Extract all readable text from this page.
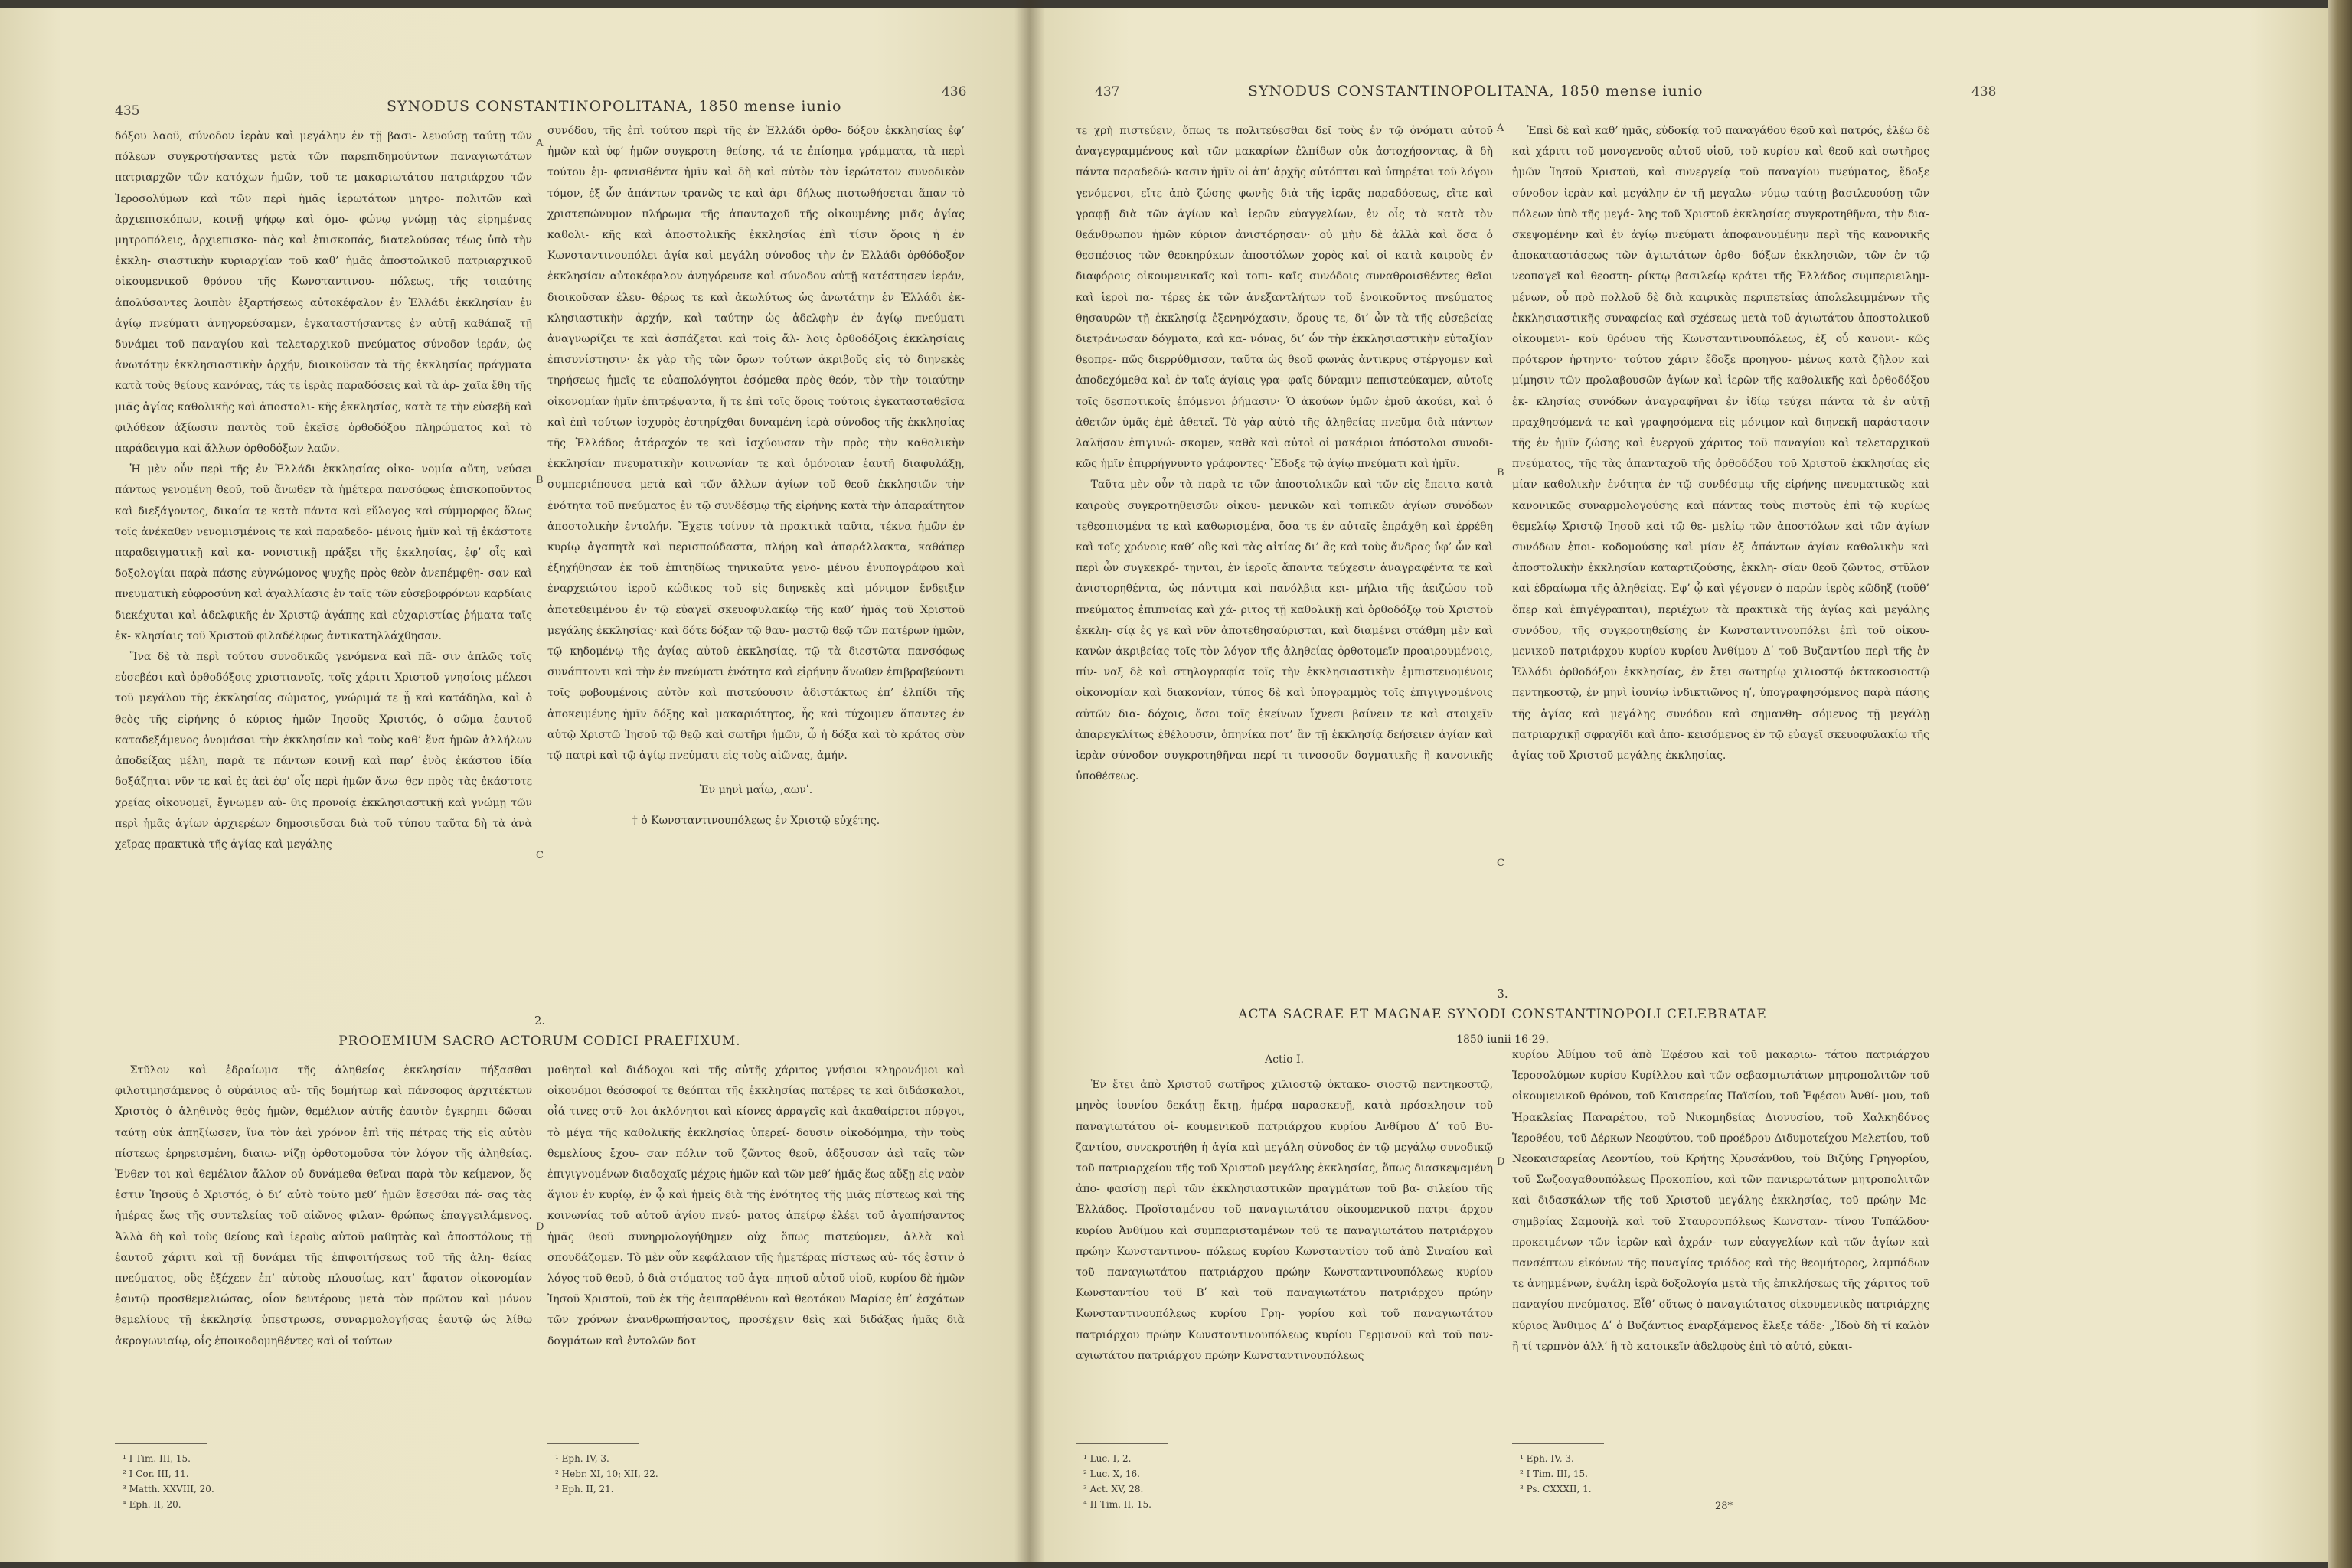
435
436
SYNODUS CONSTANTINOPOLITANA, 1850 mense iunio

δόξου λαοῦ, σύνοδον ἱερὰν καὶ μεγάλην ἐν τῇ βασι- λευούσῃ ταύτῃ τῶν πόλεων συγκροτήσαντες μετὰ τῶν παρεπιδημούντων παναγιωτάτων πατριαρχῶν τῶν κατόχων ἡμῶν, τοῦ τε μακαριωτάτου πατριάρχου τῶν Ἱεροσολύμων καὶ τῶν περὶ ἡμᾶς ἱερωτάτων μητρο- πολιτῶν καὶ ἀρχιεπισκόπων, κοινῇ ψήφῳ καὶ ὁμο- φώνῳ γνώμῃ τὰς εἰρημένας μητροπόλεις, ἀρχιεπισκο- πὰς καὶ ἐπισκοπάς, διατελούσας τέως ὑπὸ τὴν ἐκκλη- σιαστικὴν κυριαρχίαν τοῦ καθ’ ἡμᾶς ἀποστολικοῦ πατριαρχικοῦ οἰκουμενικοῦ θρόνου τῆς Κωνσταντινου- πόλεως, τῆς τοιαύτης ἀπολύσαντες λοιπὸν ἐξαρτήσεως αὐτοκέφαλον ἐν Ἑλλάδι ἐκκλησίαν ἐν ἁγίῳ πνεύματι ἀνηγορεύσαμεν, ἐγκαταστήσαντες ἐν αὐτῇ καθάπαξ τῇ δυνάμει τοῦ παναγίου καὶ τελεταρχικοῦ πνεύματος σύνοδον ἱεράν, ὡς ἀνωτάτην ἐκκλησιαστικὴν ἀρχήν, διοικοῦσαν τὰ τῆς ἐκκλησίας πράγματα κατὰ τοὺς θείους κανόνας, τάς τε ἱερὰς παραδόσεις καὶ τὰ ἀρ- χαῖα ἔθη τῆς μιᾶς ἁγίας καθολικῆς καὶ ἀποστολι- κῆς ἐκκλησίας, κατὰ τε τὴν εὐσεβῆ καὶ φιλόθεον ἀξίωσιν παντὸς τοῦ ἐκεῖσε ὀρθοδόξου πληρώματος καὶ τὸ παράδειγμα καὶ ἄλλων ὀρθοδόξων λαῶν.

Ἡ μὲν οὖν περὶ τῆς ἐν Ἑλλάδι ἐκκλησίας οἰκο- νομία αὕτη, νεύσει πάντως γενομένη θεοῦ, τοῦ ἄνωθεν τὰ ἡμέτερα πανσόφως ἐπισκοποῦντος καὶ διεξάγοντος, δικαία τε κατὰ πάντα καὶ εὔλογος καὶ σύμμορφος ὅλως τοῖς ἀνέκαθεν νενομισμένοις τε καὶ παραδεδο- μένοις ἡμῖν καὶ τῇ ἑκάστοτε παραδειγματικῇ καὶ κα- νονιστικῇ πράξει τῆς ἐκκλησίας, ἐφ’ οἷς καὶ δοξολογίαι παρὰ πάσης εὐγνώμονος ψυχῆς πρὸς θεὸν ἀνεπέμφθη- σαν καὶ πνευματικὴ εὐφροσύνη καὶ ἀγαλλίασις ἐν ταῖς τῶν εὐσεβοφρόνων καρδίαις διεκέχυται καὶ ἀδελφικῆς ἐν Χριστῷ ἀγάπης καὶ εὐχαριστίας ῥήματα ταῖς ἐκ- κλησίαις τοῦ Χριστοῦ φιλαδέλφως ἀντικατηλλάχθησαν.

Ἵνα δὲ τὰ περὶ τούτου συνοδικῶς γενόμενα καὶ πᾶ- σιν ἁπλῶς τοῖς εὐσεβέσι καὶ ὀρθοδόξοις χριστιανοῖς, τοῖς χάριτι Χριστοῦ γνησίοις μέλεσι τοῦ μεγάλου τῆς ἐκκλησίας σώματος, γνώριμά τε ᾖ καὶ κατάδηλα, καὶ ὁ θεὸς τῆς εἰρήνης ὁ κύριος ἡμῶν Ἰησοῦς Χριστός, ὁ σῶμα ἑαυτοῦ καταδεξάμενος ὀνομάσαι τὴν ἐκκλησίαν καὶ τοὺς καθ’ ἕνα ἡμῶν ἀλλήλων ἀποδείξας μέλη, παρὰ τε πάντων κοινῇ καὶ παρ’ ἑνὸς ἑκάστου ἰδίᾳ δοξάζηται νῦν τε καὶ ἐς ἀεὶ ἐφ’ οἷς περὶ ἡμῶν ἄνω- θεν πρὸς τὰς ἑκάστοτε χρείας οἰκονομεῖ, ἔγνωμεν αὐ- θις προνοίᾳ ἐκκλησιαστικῇ καὶ γνώμῃ τῶν περὶ ἡμᾶς ἁγίων ἀρχιερέων δημοσιεῦσαι διὰ τοῦ τύπου ταῦτα δὴ τὰ ἀνὰ χεῖρας πρακτικὰ τῆς ἁγίας καὶ μεγάλης

A
B
C
D

συνόδου, τῆς ἐπὶ τούτου περὶ τῆς ἐν Ἑλλάδι ὀρθο- δόξου ἐκκλησίας ἐφ’ ἡμῶν καὶ ὑφ’ ἡμῶν συγκροτη- θείσης, τά τε ἐπίσημα γράμματα, τὰ περὶ τούτου ἐμ- φανισθέντα ἡμῖν καὶ δὴ καὶ αὐτὸν τὸν ἱερώτατον συνοδικὸν τόμον, ἐξ ὧν ἁπάντων τρανῶς τε καὶ ἀρι- δήλως πιστωθήσεται ἅπαν τὸ χριστεπώνυμον πλήρωμα τῆς ἁπανταχοῦ τῆς οἰκουμένης μιᾶς ἁγίας καθολι- κῆς καὶ ἀποστολικῆς ἐκκλησίας ἐπὶ τίσιν ὅροις ἡ ἐν Κωνσταντινουπόλει ἁγία καὶ μεγάλη σύνοδος τὴν ἐν Ἑλλάδι ὀρθόδοξον ἐκκλησίαν αὐτοκέφαλον ἀνηγόρευσε καὶ σύνοδον αὐτῇ κατέστησεν ἱεράν, διοικοῦσαν ἐλευ- θέρως τε καὶ ἀκωλύτως ὡς ἀνωτάτην ἐν Ἑλλάδι ἐκ- κλησιαστικὴν ἀρχήν, καὶ ταύτην ὡς ἀδελφὴν ἐν ἁγίῳ πνεύματι ἀναγνωρίζει τε καὶ ἀσπάζεται καὶ τοῖς ἄλ- λοις ὀρθοδόξοις ἐκκλησίαις ἐπισυνίστησιν· ἐκ γὰρ τῆς τῶν ὅρων τούτων ἀκριβοῦς εἰς τὸ διηνεκὲς τηρήσεως ἡμεῖς τε εὐαπολόγητοι ἐσόμεθα πρὸς θεόν, τὸν τὴν τοιαύτην οἰκονομίαν ἡμῖν ἐπιτρέψαντα, ἥ τε ἐπὶ τοῖς ὅροις τούτοις ἐγκατασταθεῖσα καὶ ἐπὶ τούτων ἰσχυρὸς ἑστηρίχθαι δυναμένη ἱερὰ σύνοδος τῆς ἐκκλησίας τῆς Ἑλλάδος ἀτάραχόν τε καὶ ἰσχύουσαν τὴν πρὸς τὴν καθολικὴν ἐκκλησίαν πνευματικὴν κοινωνίαν τε καὶ ὁμόνοιαν ἑαυτῇ διαφυλάξῃ, συμπεριέπουσα μετὰ καὶ τῶν ἄλλων ἁγίων τοῦ θεοῦ ἐκκλησιῶν τὴν ἑνότητα τοῦ πνεύματος ἐν τῷ συνδέσμῳ τῆς εἰρήνης κατὰ τὴν ἀπαραίτητον ἀποστολικὴν ἐντολήν. Ἔχετε τοίνυν τὰ πρακτικὰ ταῦτα, τέκνα ἡμῶν ἐν κυρίῳ ἀγαπητὰ καὶ περισπούδαστα, πλήρη καὶ ἀπαράλλακτα, καθάπερ ἐξηχήθησαν ἐκ τοῦ ἐπιτηδίως τηνικαῦτα γενο- μένου ἐνυπογράφου καὶ ἐναρχειώτου ἱεροῦ κώδικος τοῦ εἰς διηνεκὲς καὶ μόνιμον ἔνδειξιν ἀποτεθειμένου ἐν τῷ εὐαγεῖ σκευοφυλακίῳ τῆς καθ’ ἡμᾶς τοῦ Χριστοῦ μεγάλης ἐκκλησίας· καὶ δότε δόξαν τῷ θαυ- μαστῷ θεῷ τῶν πατέρων ἡμῶν, τῷ κηδομένῳ τῆς ἁγίας αὐτοῦ ἐκκλησίας, τῷ τὰ διεστῶτα πανσόφως συνάπτοντι καὶ τὴν ἐν πνεύματι ἑνότητα καὶ εἰρήνην ἄνωθεν ἐπιβραβεύοντι τοῖς φοβουμένοις αὐτὸν καὶ πιστεύουσιν ἀδιστάκτως ἐπ’ ἐλπίδι τῆς ἀποκειμένης ἡμῖν δόξης καὶ μακαριότητος, ἧς καὶ τύχοιμεν ἅπαντες ἐν αὐτῷ Χριστῷ Ἰησοῦ τῷ θεῷ καὶ σωτῆρι ἡμῶν, ᾧ ἡ δόξα καὶ τὸ κράτος σὺν τῷ πατρὶ καὶ τῷ ἁγίῳ πνεύματι εἰς τοὺς αἰῶνας, ἀμήν.

Ἐν μηνὶ μαΐῳ, ‚αωνʹ.

† ὁ Κωνσταντινουπόλεως ἐν Χριστῷ εὐχέτης.

2.
PROOEMIUM SACRO ACTORUM CODICI PRAEFIXUM.

Στῦλον καὶ ἑδραίωμα τῆς ἀληθείας ἐκκλησίαν πήξασθαι φιλοτιμησάμενος ὁ οὐράνιος αὐ- τῆς δομήτωρ καὶ πάνσοφος ἀρχιτέκτων Χριστὸς ὁ ἀληθινὸς θεὸς ἡμῶν, θεμέλιον αὐτῆς ἑαυτὸν ἐγκρηπι- δῶσαι ταύτῃ οὐκ ἀπηξίωσεν, ἵνα τὸν ἀεὶ χρόνον ἐπὶ τῆς πέτρας τῆς εἰς αὐτὸν πίστεως ἐρηρεισμένη, διαιω- νίζῃ ὀρθοτομοῦσα τὸν λόγον τῆς ἀληθείας. Ἐνθεν τοι καὶ θεμέλιον ἄλλον οὐ δυνάμεθα θεῖναι παρὰ τὸν κείμενον, ὅς ἐστιν Ἰησοῦς ὁ Χριστός, ὁ δι’ αὐτὸ τοῦτο μεθ’ ἡμῶν ἔσεσθαι πά- σας τὰς ἡμέρας ἕως τῆς συντελείας τοῦ αἰῶνος φιλαν- θρώπως ἐπαγγειλάμενος. Ἀλλὰ δὴ καὶ τοὺς θείους καὶ ἱεροὺς αὐτοῦ μαθητὰς καὶ ἀποστόλους τῇ ἑαυτοῦ χάριτι καὶ τῇ δυνάμει τῆς ἐπιφοιτήσεως τοῦ τῆς ἀλη- θείας πνεύματος, οὓς ἐξέχεεν ἐπ’ αὐτοὺς πλουσίως, κατ’ ἄφατον οἰκονομίαν ἑαυτῷ προσθεμελιώσας, οἷον δευτέρους μετὰ τὸν πρῶτον καὶ μόνον θεμελίους τῇ ἐκκλησίᾳ ὑπεστρωσε, συναρμολογήσας ἑαυτῷ ὡς λίθῳ ἀκρογωνιαίῳ, οἷς ἐποικοδομηθέντες καὶ οἱ τούτων

μαθηταὶ καὶ διάδοχοι καὶ τῆς αὐτῆς χάριτος γνήσιοι κληρονόμοι καὶ οἰκονόμοι θεόσοφοί τε θεόπται τῆς ἐκκλησίας πατέρες τε καὶ διδάσκαλοι, οἷά τινες στῦ- λοι ἀκλόνητοι καὶ κίονες ἀρραγεῖς καὶ ἀκαθαίρετοι πύργοι, τὸ μέγα τῆς καθολικῆς ἐκκλησίας ὑπερεί- δουσιν οἰκοδόμημα, τὴν τοὺς θεμελίους ἔχου- σαν πόλιν τοῦ ζῶντος θεοῦ, ἀδξουσαν ἀεὶ ταῖς τῶν ἐπιγιγνομένων διαδοχαῖς μέχρις ἡμῶν καὶ τῶν μεθ’ ἡμᾶς ἕως αὔξῃ εἰς ναὸν ἅγιον ἐν κυρίῳ, ἐν ᾧ καὶ ἡμεῖς διὰ τῆς ἑνότητος τῆς μιᾶς πίστεως καὶ τῆς κοινωνίας τοῦ αὐτοῦ ἁγίου πνεύ- ματος ἀπείρῳ ἐλέει τοῦ ἀγαπήσαντος ἡμᾶς θεοῦ συνηρμολογήθημεν οὐχ ὅπως πιστεύομεν, ἀλλὰ καὶ σπουδάζομεν. Τὸ μὲν οὖν κεφάλαιον τῆς ἡμετέρας πίστεως αὐ- τός ἐστιν ὁ λόγος τοῦ θεοῦ, ὁ διὰ στόματος τοῦ ἀγα- πητοῦ αὐτοῦ υἱοῦ, κυρίου δὲ ἡμῶν Ἰησοῦ Χριστοῦ, τοῦ ἐκ τῆς ἀειπαρθένου καὶ θεοτόκου Μαρίας ἐπ’ ἐσχάτων τῶν χρόνων ἐνανθρωπήσαντος, προσέχειν θεὶς καὶ διδάξας ἡμᾶς διὰ δογμάτων καὶ ἐντολῶν δοτ

¹ I Tim. III, 15.
² I Cor. III, 11.
³ Matth. XXVIII, 20.
⁴ Eph. II, 20.
¹ Eph. IV, 3.
² Hebr. XI, 10; XII, 22.
³ Eph. II, 21.
437	438
SYNODUS CONSTANTINOPOLITANA, 1850 mense iunio

τε χρὴ πιστεύειν, ὅπως τε πολιτεύεσθαι δεῖ τοὺς ἐν τῷ ὀνόματι αὐτοῦ ἀναγεγραμμένους καὶ τῶν μακαρίων ἐλπίδων οὐκ ἀστοχήσοντας, ἃ δὴ πάντα παραδεδώ- κασιν ἡμῖν οἱ ἀπ’ ἀρχῆς αὐτόπται καὶ ὑπηρέται τοῦ λόγου γενόμενοι, εἴτε ἀπὸ ζώσης φωνῆς διὰ τῆς ἱερᾶς παραδόσεως, εἴτε καὶ γραφῇ διὰ τῶν ἁγίων καὶ ἱερῶν εὐαγγελίων, ἐν οἷς τὰ κατὰ τὸν θεάνθρωπον ἡμῶν κύριον ἀνιστόρησαν· οὐ μὴν δὲ ἀλλὰ καὶ ὅσα ὁ θεσπέσιος τῶν θεοκηρύκων ἀποστόλων χορὸς καὶ οἱ κατὰ καιροὺς ἐν διαφόροις οἰκουμενικαῖς καὶ τοπι- καῖς συνόδοις συναθροισθέντες θεῖοι καὶ ἱεροὶ πα- τέρες ἐκ τῶν ἀνεξαντλήτων τοῦ ἐνοικοῦντος πνεύματος θησαυρῶν τῇ ἐκκλησίᾳ ἐξενηνόχασιν, ὅρους τε, δι’ ὧν τὰ τῆς εὐσεβείας διετράνωσαν δόγματα, καὶ κα- νόνας, δι’ ὧν τὴν ἐκκλησιαστικὴν εὐταξίαν θεοπρε- πῶς διερρύθμισαν, ταῦτα ὡς θεοῦ φωνὰς ἀντικρυς στέργομεν καὶ ἀποδεχόμεθα καὶ ἐν ταῖς ἁγίαις γρα- φαῖς δύναμιν πεπιστεύκαμεν, αὐτοῖς τοῖς δεσποτικοῖς ἑπόμενοι ῥήμασιν· Ὁ ἀκούων ὑμῶν ἐμοῦ ἀκούει, καὶ ὁ ἀθετῶν ὑμᾶς ἐμὲ ἀθετεῖ. Τὸ γὰρ αὐτὸ τῆς ἀληθείας πνεῦμα διὰ πάντων λαλῆσαν ἐπιγινώ- σκομεν, καθὰ καὶ αὐτοὶ οἱ μακάριοι ἀπόστολοι συνοδι- κῶς ἡμῖν ἐπιρρήγνυντο γράφοντες· Ἔδοξε τῷ ἁγίῳ πνεύματι καὶ ἡμῖν.

Ταῦτα μὲν οὖν τὰ παρὰ τε τῶν ἀποστολικῶν καὶ τῶν εἰς ἔπειτα κατὰ καιροὺς συγκροτηθεισῶν οἰκου- μενικῶν καὶ τοπικῶν ἁγίων συνόδων τεθεσπισμένα τε καὶ καθωρισμένα, ὅσα τε ἐν αὐταῖς ἐπράχθη καὶ ἐρρέθη καὶ τοῖς χρόνοις καθ’ οὓς καὶ τὰς αἰτίας δι’ ἃς καὶ τοὺς ἄνδρας ὑφ’ ὧν καὶ περὶ ὧν συγκεκρό- τηνται, ἐν ἱεροῖς ἅπαντα τεύχεσιν ἀναγραφέντα τε καὶ ἀνιστορηθέντα, ὡς πάντιμα καὶ πανόλβια κει- μήλια τῆς ἀειζώου τοῦ πνεύματος ἐπιπνοίας καὶ χά- ριτος τῇ καθολικῇ καὶ ὀρθοδόξῳ τοῦ Χριστοῦ ἐκκλη- σίᾳ ἐς γε καὶ νῦν ἀποτεθησαύρισται, καὶ διαμένει στάθμη μὲν καὶ κανὼν ἀκριβείας τοῖς τὸν λόγον τῆς ἀληθείας ὀρθοτομεῖν προαιρουμένοις, πίν- ναξ δὲ καὶ στηλογραφία τοῖς τὴν ἐκκλησιαστικὴν ἐμπιστευομένοις οἰκονομίαν καὶ διακονίαν, τύπος δὲ καὶ ὑπογραμμὸς τοῖς ἐπιγιγνομένοις αὐτῶν δια- δόχοις, ὅσοι τοῖς ἐκείνων ἴχνεσι βαίνειν τε καὶ στοιχεῖν ἀπαρεγκλίτως ἐθέλουσιν, ὁπηνίκα ποτ’ ἂν τῇ ἐκκλησίᾳ δεήσειεν ἁγίαν καὶ ἱερὰν σύνοδον συγκροτηθῆναι περί τι τινοσοῦν δογματικῆς ἢ κανονικῆς ὑποθέσεως.

A
B
C
D

Ἐπεὶ δὲ καὶ καθ’ ἡμᾶς, εὐδοκίᾳ τοῦ παναγάθου θεοῦ καὶ πατρός, ἐλέῳ δὲ καὶ χάριτι τοῦ μονογενοῦς αὐτοῦ υἱοῦ, τοῦ κυρίου καὶ θεοῦ καὶ σωτῆρος ἡμῶν Ἰησοῦ Χριστοῦ, καὶ συνεργείᾳ τοῦ παναγίου πνεύματος, ἔδοξε σύνοδον ἱερὰν καὶ μεγάλην ἐν τῇ μεγαλω- νύμῳ ταύτῃ βασιλευούσῃ τῶν πόλεων ὑπὸ τῆς μεγά- λης τοῦ Χριστοῦ ἐκκλησίας συγκροτηθῆναι, τὴν δια- σκεψομένην καὶ ἐν ἁγίῳ πνεύματι ἀποφανουμένην περὶ τῆς κανονικῆς ἀποκαταστάσεως τῶν ἁγιωτάτων ὀρθο- δόξων ἐκκλησιῶν, τῶν ἐν τῷ νεοπαγεῖ καὶ θεοστη- ρίκτῳ βασιλείῳ κράτει τῆς Ἑλλάδος συμπεριειλημ- μένων, οὗ πρὸ πολλοῦ δὲ διὰ καιρικὰς περιπετείας ἀπολελειμμένων τῆς ἐκκλησιαστικῆς συναφείας καὶ σχέσεως μετὰ τοῦ ἁγιωτάτου ἀποστολικοῦ οἰκουμενι- κοῦ θρόνου τῆς Κωνσταντινουπόλεως, ἐξ οὗ κανονι- κῶς πρότερον ἠρτηντο· τούτου χάριν ἔδοξε προηγου- μένως κατὰ ζῆλον καὶ μίμησιν τῶν προλαβουσῶν ἁγίων καὶ ἱερῶν τῆς καθολικῆς καὶ ὀρθοδόξου ἐκ- κλησίας συνόδων ἀναγραφῆναι ἐν ἰδίῳ τεύχει πάντα τὰ ἐν αὐτῇ πραχθησόμενά τε καὶ γραφησόμενα εἰς μόνιμον καὶ διηνεκῆ παράστασιν τῆς ἐν ἡμῖν ζώσης καὶ ἐνεργοῦ χάριτος τοῦ παναγίου καὶ τελεταρχικοῦ πνεύματος, τῆς τὰς ἁπανταχοῦ τῆς ὀρθοδόξου τοῦ Χριστοῦ ἐκκλησίας εἰς μίαν καθολικὴν ἑνότητα ἐν τῷ συνδέσμῳ τῆς εἰρήνης πνευματικῶς καὶ κανονικῶς συναρμολογούσης καὶ πάντας τοὺς πιστοὺς ἐπὶ τῷ κυρίως θεμελίῳ Χριστῷ Ἰησοῦ καὶ τῷ θε- μελίῳ τῶν ἀποστόλων καὶ τῶν ἁγίων συνόδων ἐποι- κοδομούσης καὶ μίαν ἐξ ἁπάντων ἁγίαν καθολικὴν καὶ ἀποστολικὴν ἐκκλησίαν καταρτιζούσης, ἐκκλη- σίαν θεοῦ ζῶντος, στῦλον καὶ ἑδραίωμα τῆς ἀληθείας. Ἐφ’ ᾧ καὶ γέγονεν ὁ παρὼν ἱερὸς κῶδηξ (τοῦθ’ ὅπερ καὶ ἐπιγέγραπται), περιέχων τὰ πρακτικὰ τῆς ἁγίας καὶ μεγάλης συνόδου, τῆς συγκροτηθείσης ἐν Κωνσταντινουπόλει ἐπὶ τοῦ οἰκου- μενικοῦ πατριάρχου κυρίου κυρίου Ἀνθίμου Δʹ τοῦ Βυζαντίου περὶ τῆς ἐν Ἑλλάδι ὀρθοδόξου ἐκκλησίας, ἐν ἔτει σωτηρίῳ χιλιοστῷ ὀκτακοσιοστῷ πεντηκοστῷ, ἐν μηνὶ ἰουνίῳ ἰνδικτιῶνος ηʹ, ὑπογραφησόμενος παρὰ πάσης τῆς ἁγίας καὶ μεγάλης συνόδου καὶ σημανθη- σόμενος τῇ μεγάλῃ πατριαρχικῇ σφραγῖδι καὶ ἀπο- κεισόμενος ἐν τῷ εὐαγεῖ σκευοφυλακίῳ τῆς ἁγίας τοῦ Χριστοῦ μεγάλης ἐκκλησίας.

3.
ACTA SACRAE ET MAGNAE SYNODI CONSTANTINOPOLI CELEBRATAE
1850 iunii 16-29.
Actio I.

Ἐν ἔτει ἀπὸ Χριστοῦ σωτῆρος χιλιοστῷ ὀκτακο- σιοστῷ πεντηκοστῷ, μηνὸς ἰουνίου δεκάτῃ ἕκτῃ, ἡμέρᾳ παρασκευῇ, κατὰ πρόσκλησιν τοῦ παναγιωτάτου οἰ- κουμενικοῦ πατριάρχου κυρίου Ἀνθίμου Δʹ τοῦ Βυ- ζαντίου, συνεκροτήθη ἡ ἁγία καὶ μεγάλη σύνοδος ἐν τῷ μεγάλῳ συνοδικῷ τοῦ πατριαρχείου τῆς τοῦ Χριστοῦ μεγάλης ἐκκλησίας, ὅπως διασκεψαμένη ἀπο- φασίσῃ περὶ τῶν ἐκκλησιαστικῶν πραγμάτων τοῦ βα- σιλείου τῆς Ἑλλάδος. Προϊσταμένου τοῦ παναγιωτάτου οἰκουμενικοῦ πατρι- άρχου κυρίου Ἀνθίμου καὶ συμπαρισταμένων τοῦ τε παναγιωτάτου πατριάρχου πρώην Κωνσταντινου- πόλεως κυρίου Κωνσταντίου τοῦ ἀπὸ Σιναίου καὶ τοῦ παναγιωτάτου πατριάρχου πρώην Κωνσταντινουπόλεως κυρίου Κωνσταντίου τοῦ Βʹ καὶ τοῦ παναγιωτάτου πατριάρχου πρώην Κωνσταντινουπόλεως κυρίου Γρη- γορίου καὶ τοῦ παναγιωτάτου πατριάρχου πρώην Κωνσταντινουπόλεως κυρίου Γερμανοῦ καὶ τοῦ παν- αγιωτάτου πατριάρχου πρώην Κωνσταντινουπόλεως

κυρίου Ἀθίμου τοῦ ἀπὸ Ἐφέσου καὶ τοῦ μακαριω- τάτου πατριάρχου Ἱεροσολύμων κυρίου Κυρίλλου καὶ τῶν σεβασμιωτάτων μητροπολιτῶν τοῦ οἰκουμενικοῦ θρόνου, τοῦ Καισαρείας Παϊσίου, τοῦ Ἐφέσου Ἀνθί- μου, τοῦ Ἡρακλείας Παναρέτου, τοῦ Νικομηδείας Διονυσίου, τοῦ Χαλκηδόνος Ἱεροθέου, τοῦ Δέρκων Νεοφύτου, τοῦ προέδρου Διδυμοτείχου Μελετίου, τοῦ Νεοκαισαρείας Λεοντίου, τοῦ Κρήτης Χρυσάνθου, τοῦ Βιζύης Γρηγορίου, τοῦ Σωζοαγαθουπόλεως Προκοπίου, καὶ τῶν πανιερωτάτων μητροπολιτῶν καὶ διδασκάλων τῆς τοῦ Χριστοῦ μεγάλης ἐκκλησίας, τοῦ πρώην Με- σημβρίας Σαμουὴλ καὶ τοῦ Σταυρουπόλεως Κωνσταν- τίνου Τυπάλδου· προκειμένων τῶν ἱερῶν καὶ ἀχράν- των εὐαγγελίων καὶ τῶν ἁγίων καὶ πανσέπτων εἰκόνων τῆς παναγίας τριάδος καὶ τῆς θεομήτορος, λαμπάδων τε ἀνημμένων, ἐψάλη ἱερὰ δοξολογία μετὰ τῆς ἐπικλήσεως τῆς χάριτος τοῦ παναγίου πνεύματος. Εἶθ’ οὕτως ὁ παναγιώτατος οἰκουμενικὸς πατριάρχης κύριος Ἄνθιμος Δʹ ὁ Βυζάντιος ἐναρξάμενος ἔλεξε τάδε· „Ἰδοὺ δὴ τί καλὸν ἢ τί τερπνὸν ἀλλ’ ἢ τὸ κατοικεῖν ἀδελφοὺς ἐπὶ τὸ αὐτό, εὐκαι-

¹ Luc. I, 2.
² Luc. X, 16.
³ Act. XV, 28.
⁴ II Tim. II, 15.
¹ Eph. IV, 3.
² I Tim. III, 15.
³ Ps. CXXXII, 1.
28*
